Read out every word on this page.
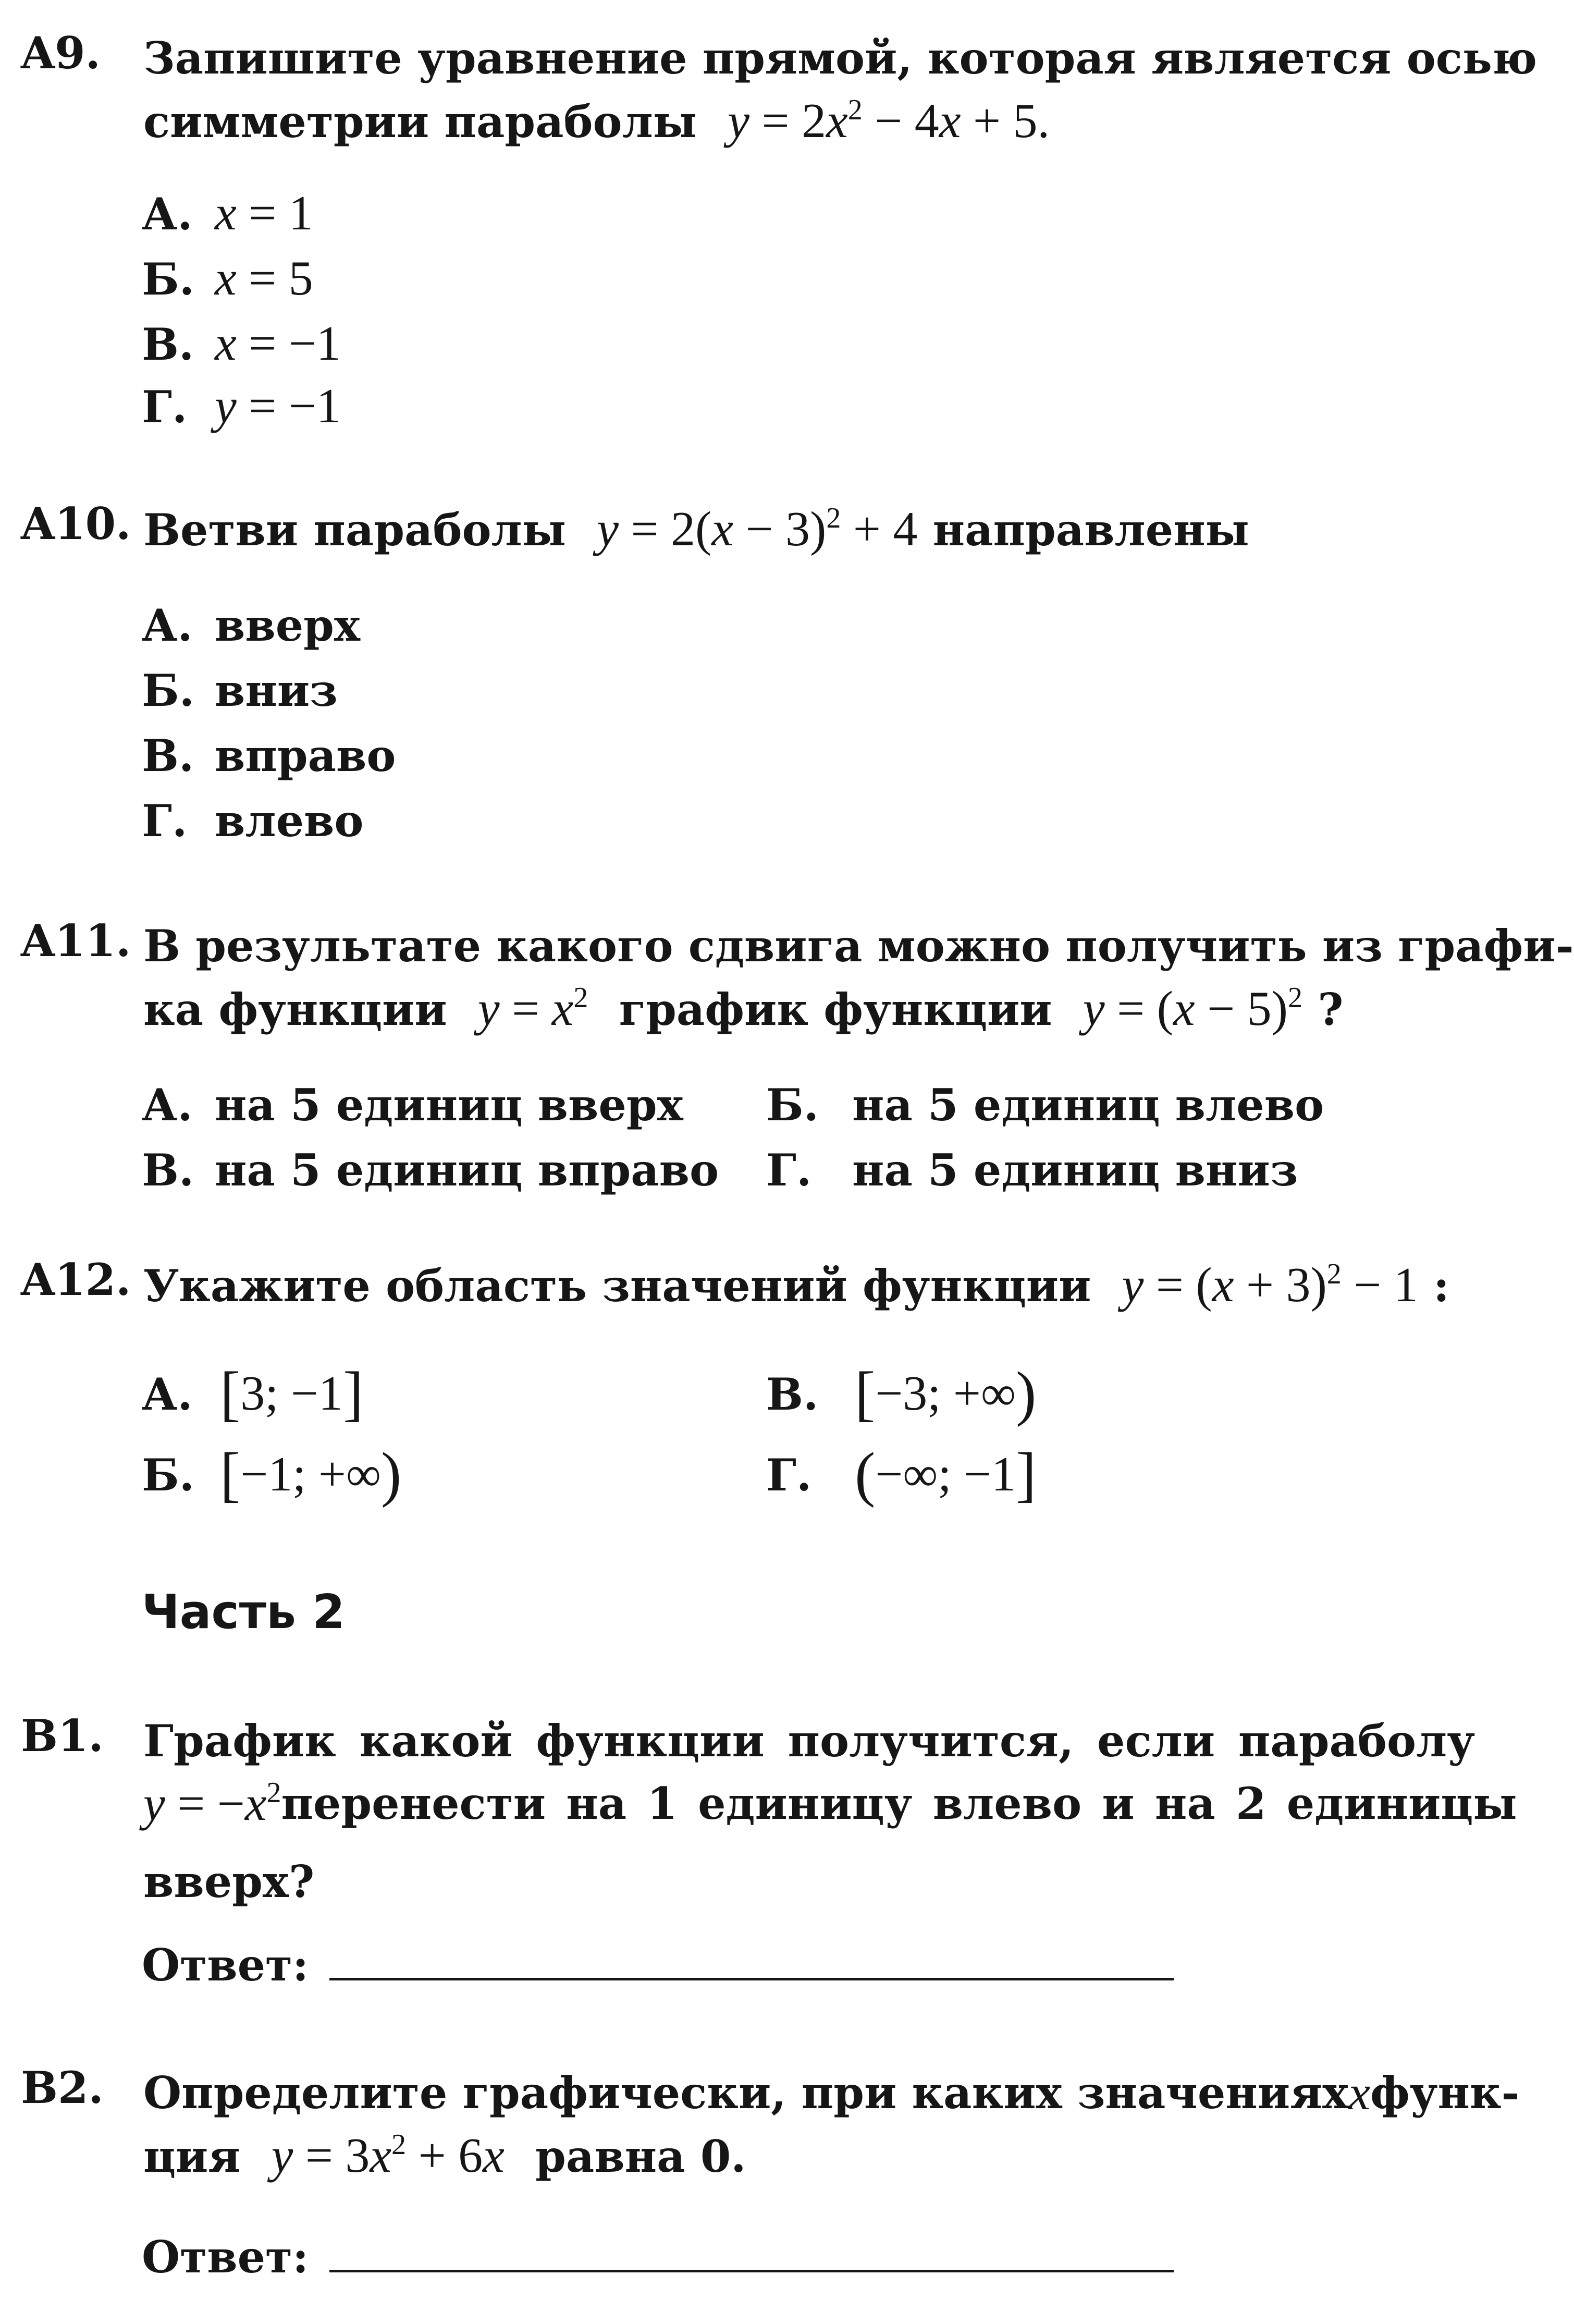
A9. Запишите уравнение прямой, которая является осью
симметрии параболы $y = 2x^2 - 4x + 5$.
А. x = 1
Б. x = 5
В. x = −1
Г. y = −1
A10. Ветви параболы $y = 2(x - 3)^2 + 4$ направлены
А. вверх
Б. вниз
В. вправо
Г. влево
A11. В результате какого сдвига можно получить из графи-
ка функции $y = x^2$ график функции $y = (x - 5)^2$ ?
А. на 5 единиц вверх Б. на 5 единиц влево
В. на 5 единиц вправо Г. на 5 единиц вниз
A12. Укажите область значений функции $y = (x + 3)^2 - 1$ :
А. [3; −1]	В. [−3; +∞)
Б. [−1; +∞)	Г. (−∞; −1]
Часть 2
B1. График какой функции получится, если параболу
$y = -x^2$ перенести на 1 единицу влево и на 2 единицы
вверх?
Ответ:
B2. Определите графически, при каких значениях x функ-
ция $y = 3x^2 + 6x$ равна 0.
Ответ:
